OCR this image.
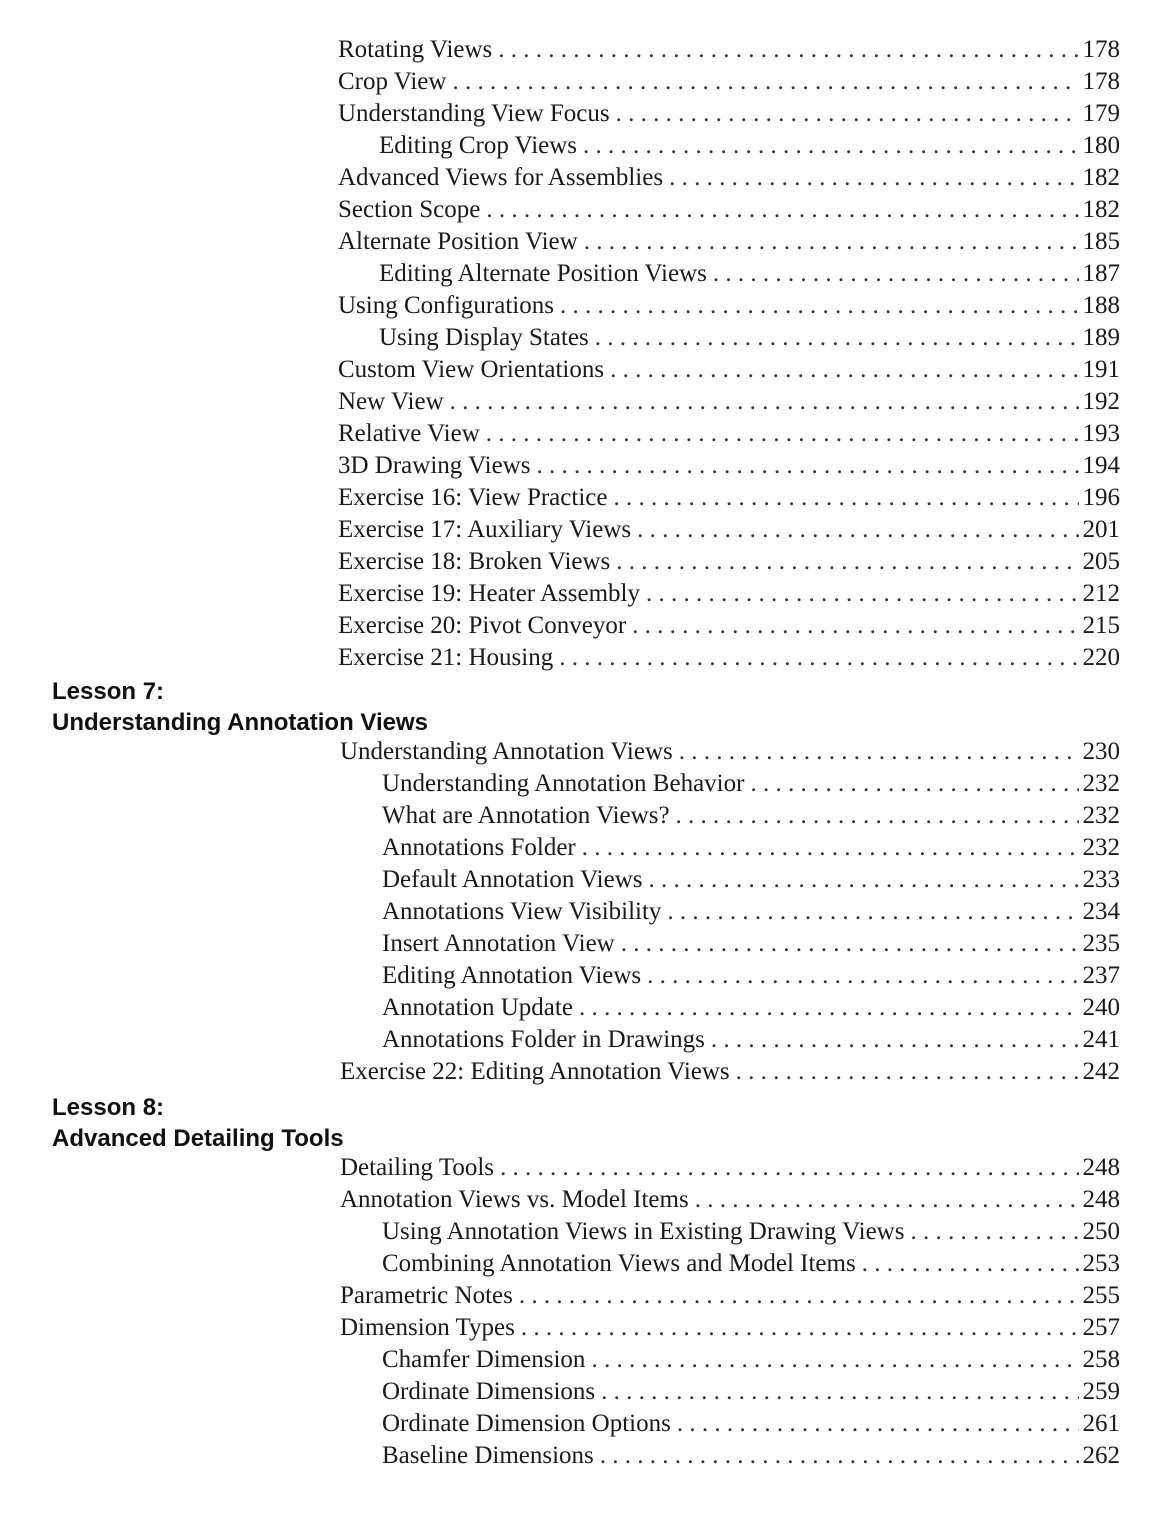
Rotating Views . . .	178
Crop View . . .	178
Understanding View Focus . . .	179
Editing Crop Views . . .	180
Advanced Views for Assemblies . . .	182
Section Scope . . .	182
Alternate Position View . . .	185
Editing Alternate Position Views . . .	187
Using Configurations . . .	188
Using Display States . . .	189
Custom View Orientations . . .	191
New View . . .	192
Relative View . . .	193
3D Drawing Views . . .	194
Exercise 16: View Practice . . .	196
Exercise 17: Auxiliary Views . . .	201
Exercise 18: Broken Views . . .	205
Exercise 19: Heater Assembly . . .	212
Exercise 20: Pivot Conveyor . . .	215
Exercise 21: Housing . . .	220
Lesson 7:
Understanding Annotation Views
Understanding Annotation Views . . .	230
Understanding Annotation Behavior . . .	232
What are Annotation Views? . . .	232
Annotations Folder . . .	232
Default Annotation Views . . .	233
Annotations View Visibility . . .	234
Insert Annotation View . . .	235
Editing Annotation Views . . .	237
Annotation Update . . .	240
Annotations Folder in Drawings . . .	241
Exercise 22: Editing Annotation Views . . .	242
Lesson 8:
Advanced Detailing Tools
Detailing Tools . . .	248
Annotation Views vs. Model Items . . .	248
Using Annotation Views in Existing Drawing Views . . .	250
Combining Annotation Views and Model Items . . .	253
Parametric Notes . . .	255
Dimension Types . . .	257
Chamfer Dimension . . .	258
Ordinate Dimensions . . .	259
Ordinate Dimension Options . . .	261
Baseline Dimensions . . .	262
